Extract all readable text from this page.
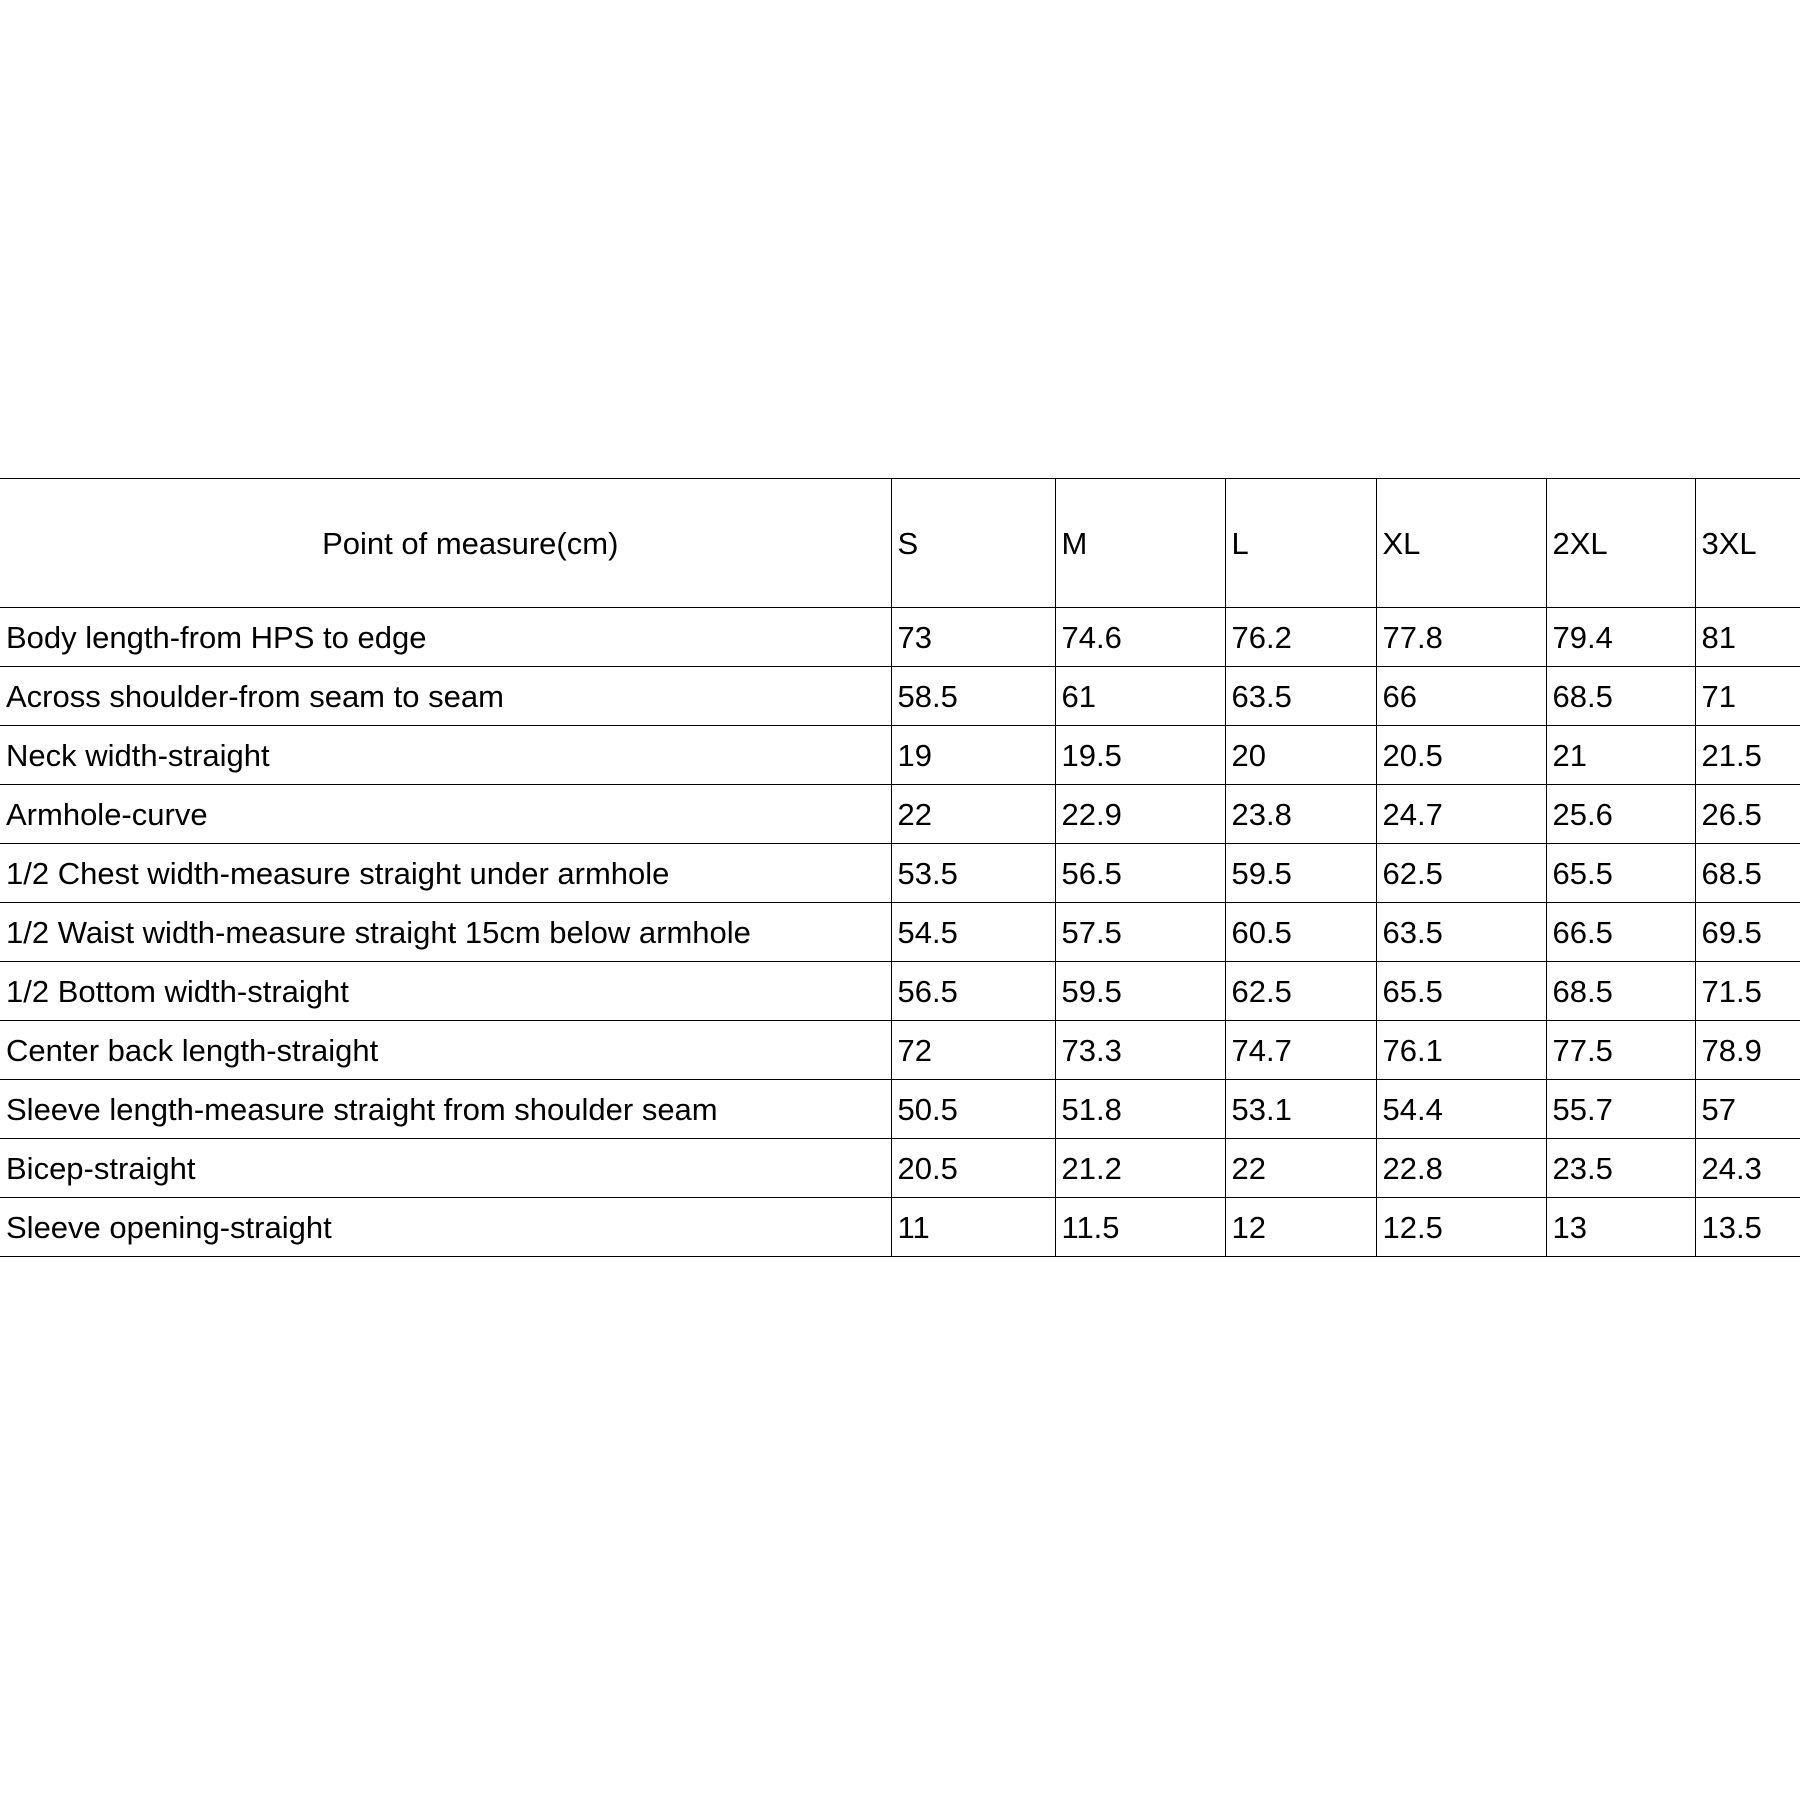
Point of measure(cm)	S	M	L	XL	2XL	3XL
Body length-from HPS to edge	73	74.6	76.2	77.8	79.4	81
Across shoulder-from seam to seam	58.5	61	63.5	66	68.5	71
Neck width-straight	19	19.5	20	20.5	21	21.5
Armhole-curve	22	22.9	23.8	24.7	25.6	26.5
1/2 Chest width-measure straight under armhole	53.5	56.5	59.5	62.5	65.5	68.5
1/2 Waist width-measure straight 15cm below armhole	54.5	57.5	60.5	63.5	66.5	69.5
1/2 Bottom width-straight	56.5	59.5	62.5	65.5	68.5	71.5
Center back length-straight	72	73.3	74.7	76.1	77.5	78.9
Sleeve length-measure straight from shoulder seam	50.5	51.8	53.1	54.4	55.7	57
Bicep-straight	20.5	21.2	22	22.8	23.5	24.3
Sleeve opening-straight	11	11.5	12	12.5	13	13.5
